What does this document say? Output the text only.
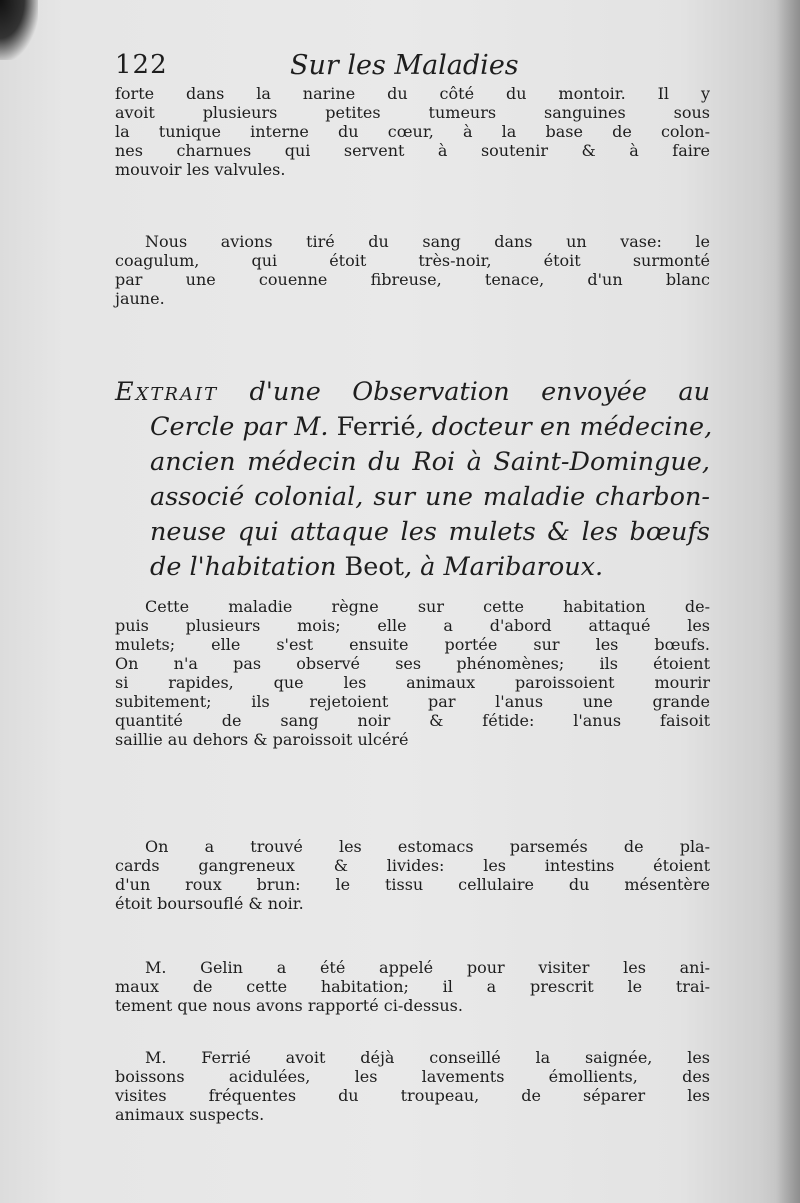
122	Sur les Maladies
forte dans la narine du côté du montoir. Il y
avoit plusieurs petites tumeurs sanguines sous
la tunique interne du cœur, à la base de colon-
nes charnues qui servent à soutenir & à faire
mouvoir les valvules.
Nous avions tiré du sang dans un vase: le
coagulum, qui étoit très-noir, étoit surmonté
par une couenne fibreuse, tenace, d'un blanc
jaune.
Extrait d'une Observation envoyée au
Cercle par M. Ferrié, docteur en médecine,
ancien médecin du Roi à Saint-Domingue,
associé colonial, sur une maladie charbon-
neuse qui attaque les mulets & les bœufs
de l'habitation Beot, à Maribaroux.
Cette maladie règne sur cette habitation de-
puis plusieurs mois; elle a d'abord attaqué les
mulets; elle s'est ensuite portée sur les bœufs.
On n'a pas observé ses phénomènes; ils étoient
si rapides, que les animaux paroissoient mourir
subitement; ils rejetoient par l'anus une grande
quantité de sang noir & fétide: l'anus faisoit
saillie au dehors & paroissoit ulcéré
On a trouvé les estomacs parsemés de pla-
cards gangreneux & livides: les intestins étoient
d'un roux brun: le tissu cellulaire du mésentère
étoit boursouflé & noir.
M. Gelin a été appelé pour visiter les ani-
maux de cette habitation; il a prescrit le trai-
tement que nous avons rapporté ci-dessus.
M. Ferrié avoit déjà conseillé la saignée, les
boissons acidulées, les lavements émollients, des
visites fréquentes du troupeau, de séparer les
animaux suspects.
